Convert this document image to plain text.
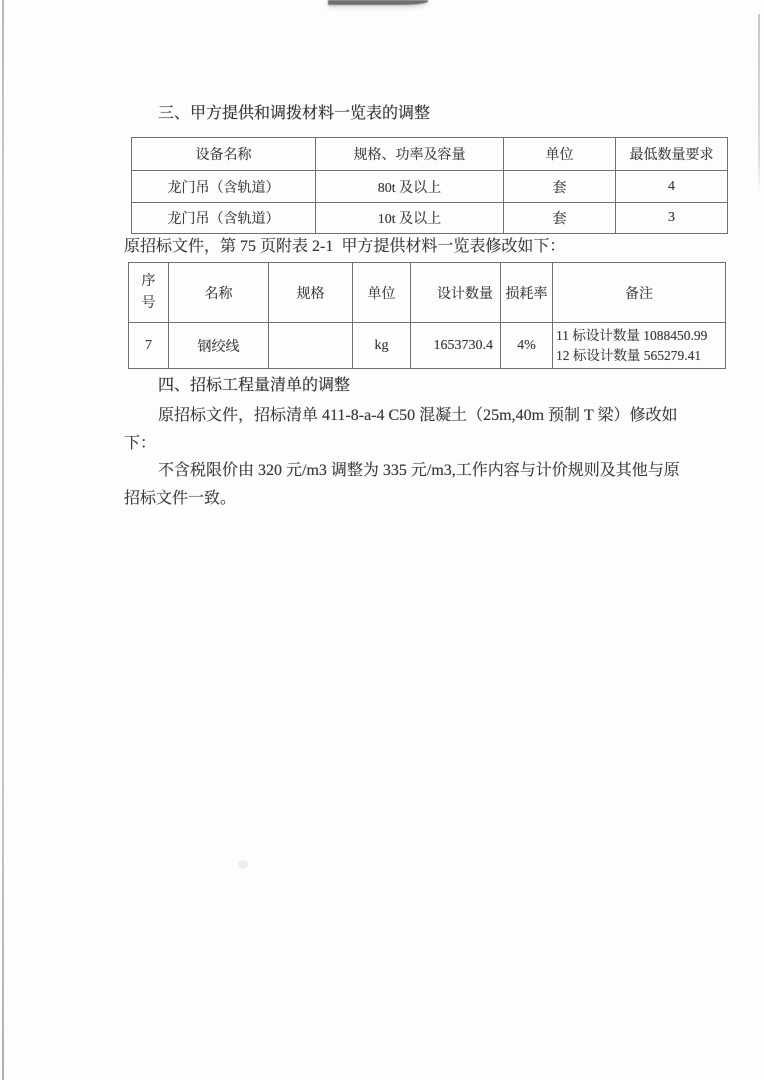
三、甲方提供和调拨材料一览表的调整
设备名称	规格、功率及容量	单位	最低数量要求
龙门吊（含轨道）	80t 及以上	套	4
龙门吊（含轨道）	10t 及以上	套	3
原招标文件，第 75 页附表 2-1  甲方提供材料一览表修改如下：
序号	名称	规格	单位	设计数量	损耗率	备注
7	钢绞线		kg	1653730.4	4%	11 标设计数量 1088450.99
12 标设计数量 565279.41
四、招标工程量清单的调整
原招标文件，招标清单 411-8-a-4 C50 混凝土（25m,40m 预制 T 梁）修改如
下：
不含税限价由 320 元/m3 调整为 335 元/m3,工作内容与计价规则及其他与原
招标文件一致。
